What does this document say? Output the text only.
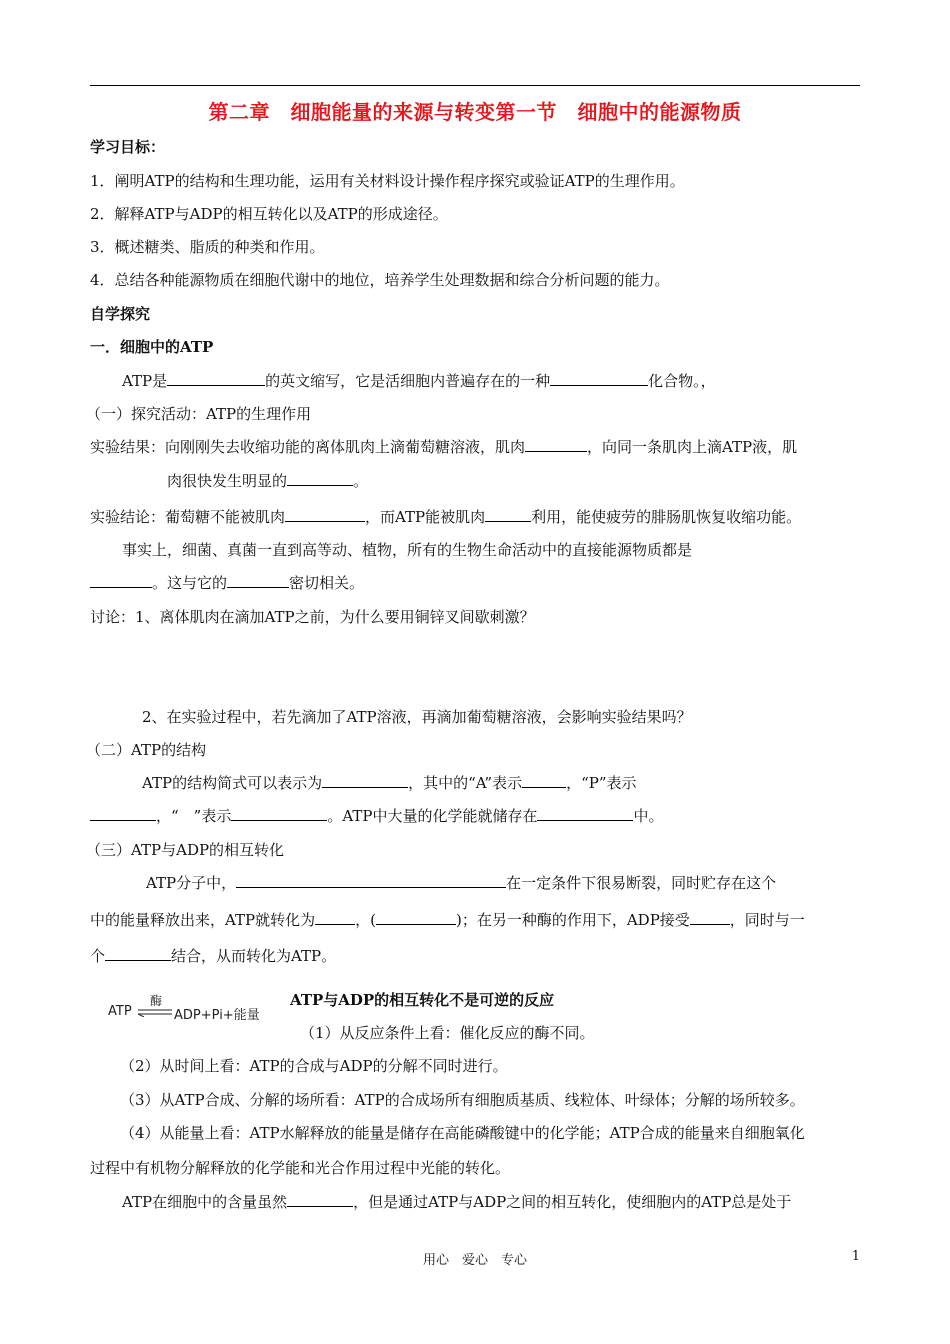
第二章　细胞能量的来源与转变第一节　细胞中的能源物质
学习目标：
1．阐明ATP的结构和生理功能，运用有关材料设计操作程序探究或验证ATP的生理作用。
2．解释ATP与ADP的相互转化以及ATP的形成途径。
3．概述糖类、脂质的种类和作用。
4．总结各种能源物质在细胞代谢中的地位，培养学生处理数据和综合分析问题的能力。
自学探究
一．细胞中的ATP
ATP是	的英文缩写，它是活细胞内普遍存在的一种	化合物。，
（一）探究活动：ATP的生理作用
实验结果：向刚刚失去收缩功能的离体肌肉上滴葡萄糖溶液，肌肉	，向同一条肌肉上滴ATP液，肌
肉很快发生明显的	。
实验结论：葡萄糖不能被肌肉	，而ATP能被肌肉	利用，能使疲劳的腓肠肌恢复收缩功能。
事实上，细菌、真菌一直到高等动、植物，所有的生物生命活动中的直接能源物质都是
。这与它的	密切相关。
讨论：1、离体肌肉在滴加ATP之前，为什么要用铜锌叉间歇刺激？
2、在实验过程中，若先滴加了ATP溶液，再滴加葡萄糖溶液，会影响实验结果吗？
（二）ATP的结构
ATP的结构简式可以表示为	，其中的“A”表示	，“P”表示
，“　”表示	。ATP中大量的化学能就储存在	中。
（三）ATP与ADP的相互转化
ATP分子中，	在一定条件下很易断裂，同时贮存在这个
中的能量释放出来，ATP就转化为	，(	)；在另一种酶的作用下，ADP接受	，同时与一
个	结合，从而转化为ATP。
ATP
酶
ADP+Pi+能量
ATP与ADP的相互转化不是可逆的反应
（1）从反应条件上看：催化反应的酶不同。
（2）从时间上看：ATP的合成与ADP的分解不同时进行。
（3）从ATP合成、分解的场所看：ATP的合成场所有细胞质基质、线粒体、叶绿体；分解的场所较多。
（4）从能量上看：ATP水解释放的能量是储存在高能磷酸键中的化学能；ATP合成的能量来自细胞氧化
过程中有机物分解释放的化学能和光合作用过程中光能的转化。
ATP在细胞中的含量虽然	，但是通过ATP与ADP之间的相互转化，使细胞内的ATP总是处于
用心　爱心　专心	1
